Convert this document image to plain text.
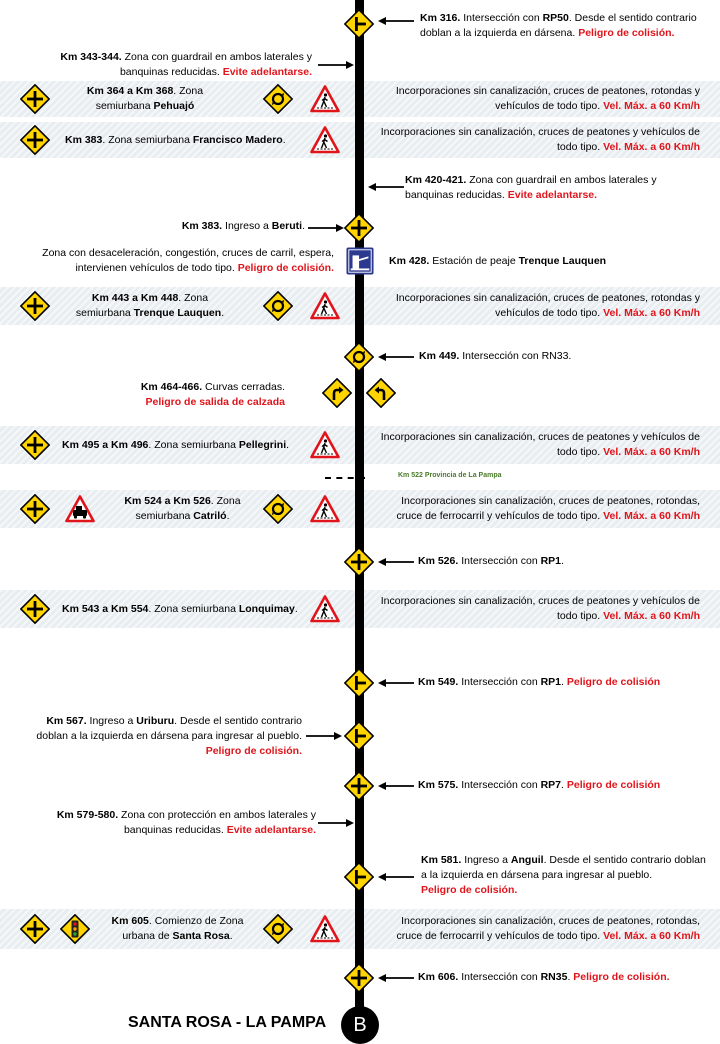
Km 316. Intersección con RP50. Desde el sentido contrario doblan a la izquierda en dársena. Peligro de colisión.
Km 343-344. Zona con guardrail en ambos laterales y banquinas reducidas. Evite adelantarse.
Km 364 a Km 368. Zona semiurbana Pehuajó
Incorporaciones sin canalización, cruces de peatones, rotondas y vehículos de todo tipo. Vel. Máx. a 60 Km/h
Km 383. Zona semiurbana Francisco Madero.
Incorporaciones sin canalización, cruces de peatones y vehículos de todo tipo. Vel. Máx. a 60 Km/h
Km 420-421. Zona con guardrail en ambos laterales y banquinas reducidas. Evite adelantarse.
Km 383. Ingreso a Beruti.
Zona con desaceleración, congestión, cruces de carril, espera, intervienen vehículos de todo tipo. Peligro de colisión.
Km 428. Estación de peaje Trenque Lauquen
Km 443 a Km 448. Zona semiurbana Trenque Lauquen.
Incorporaciones sin canalización, cruces de peatones, rotondas y vehículos de todo tipo. Vel. Máx. a 60 Km/h
Km 449. Intersección con RN33.
Km 464-466. Curvas cerradas.
Peligro de salida de calzada
Km 495 a Km 496. Zona semiurbana Pellegrini.
Incorporaciones sin canalización, cruces de peatones y vehículos de todo tipo. Vel. Máx. a 60 Km/h
Km 522 Provincia de La Pampa
Km 524 a Km 526. Zona semiurbana Catriló.
Incorporaciones sin canalización, cruces de peatones, rotondas, cruce de ferrocarril y vehículos de todo tipo. Vel. Máx. a 60 Km/h
Km 526. Intersección con RP1.
Km 543 a Km 554. Zona semiurbana Lonquimay.
Incorporaciones sin canalización, cruces de peatones y vehículos de todo tipo. Vel. Máx. a 60 Km/h
Km 549. Intersección con RP1. Peligro de colisión
Km 567. Ingreso a Uriburu. Desde el sentido contrario doblan a la izquierda en dársena para ingresar al pueblo.
Peligro de colisión.
Km 575. Intersección con RP7. Peligro de colisión
Km 579-580. Zona con protección en ambos laterales y banquinas reducidas. Evite adelantarse.
Km 581. Ingreso a Anguil. Desde el sentido contrario doblan a la izquierda en dársena para ingresar al pueblo.
Peligro de colisión.
Km 605. Comienzo de Zona urbana de Santa Rosa.
Incorporaciones sin canalización, cruces de peatones, rotondas, cruce de ferrocarril y vehículos de todo tipo. Vel. Máx. a 60 Km/h
Km 606. Intersección con RN35. Peligro de colisión.
SANTA ROSA - LA PAMPA	B
